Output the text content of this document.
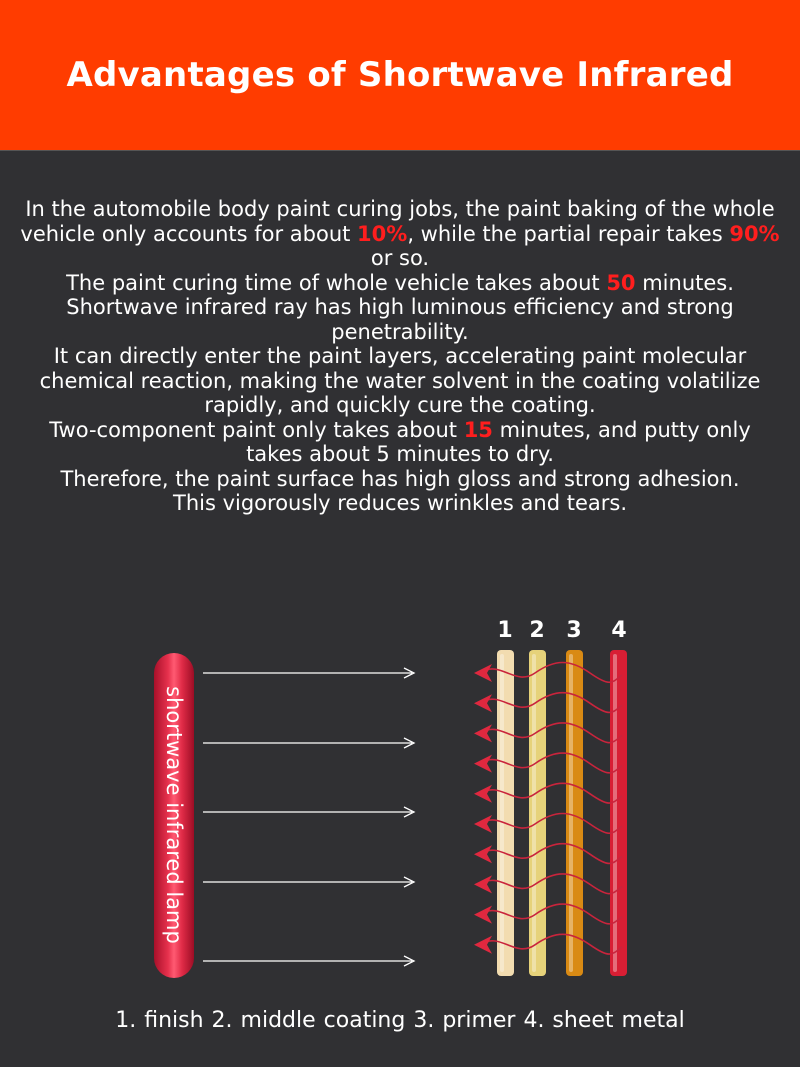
Advantages of Shortwave Infrared

In the automobile body paint curing jobs, the paint baking of the whole vehicle only accounts for about 10%, while the partial repair takes 90% or so.

The paint curing time of whole vehicle takes about 50 minutes.

Shortwave infrared ray has high luminous efficiency and strong penetrability.

It can directly enter the paint layers, accelerating paint molecular chemical reaction, making the water solvent in the coating volatilize rapidly, and quickly cure the coating.

Two-component paint only takes about 15 minutes, and putty only takes about 5 minutes to dry.

Therefore, the paint surface has high gloss and strong adhesion.

This vigorously reduces wrinkles and tears.

shortwave infrared lamp
1 2 3	4
1. finish 2. middle coating 3. primer 4. sheet metal
